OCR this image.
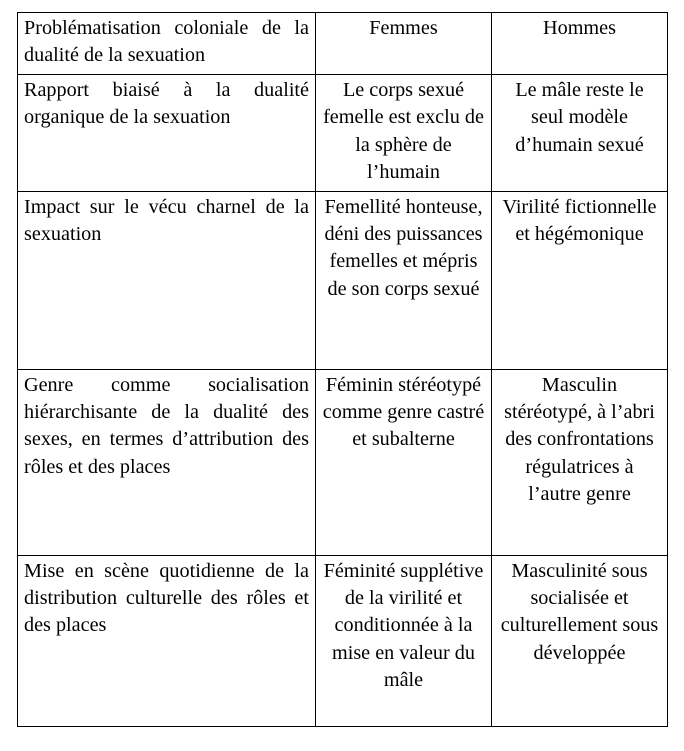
Problématisation coloniale de la dualité de la sexuation	Femmes	Hommes
Rapport biaisé à la dualité organique de la sexuation	Le corps sexué femelle est exclu de la sphère de l’humain	Le mâle reste le seul modèle d’humain sexué
Impact sur le vécu charnel de la sexuation	Femellité honteuse, déni des puissances femelles et mépris de son corps sexué	Virilité fictionnelle et hégémonique
Genre comme socialisation hiérarchisante de la dualité des sexes, en termes d’attribution des rôles et des places	Féminin stéréotypé comme genre castré et subalterne	Masculin stéréotypé, à l’abri des confrontations régulatrices à l’autre genre
Mise en scène quotidienne de la distribution culturelle des rôles et des places	Féminité supplétive de la virilité et conditionnée à la mise en valeur du mâle	Masculinité sous socialisée et culturellement sous développée
